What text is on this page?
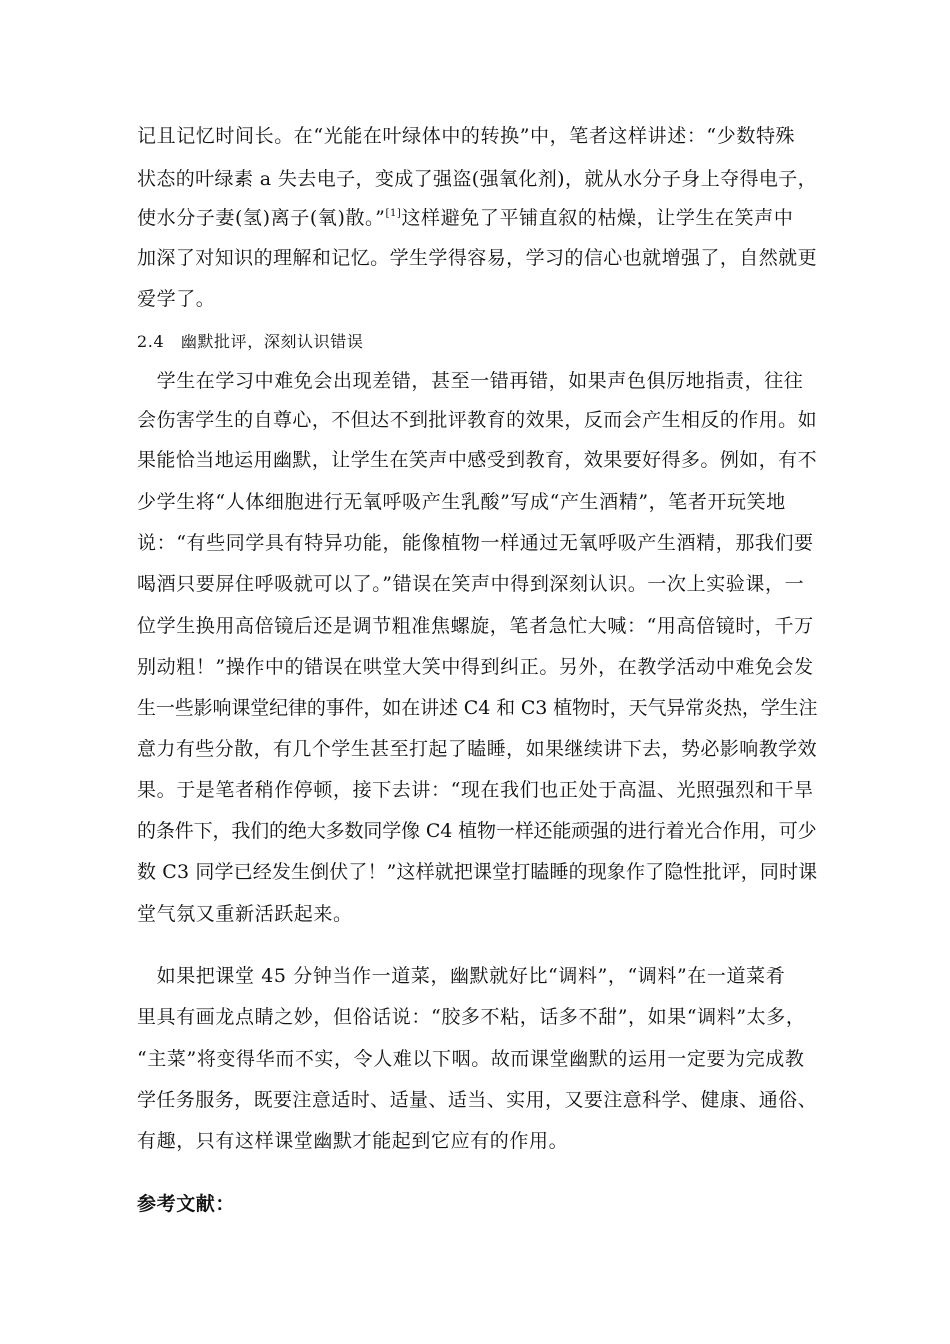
记且记忆时间长。在“光能在叶绿体中的转换”中，笔者这样讲述：“少数特殊
状态的叶绿素 a 失去电子，变成了强盗(强氧化剂)，就从水分子身上夺得电子，
使水分子妻(氢)离子(氧)散。”[1]这样避免了平铺直叙的枯燥，让学生在笑声中
加深了对知识的理解和记忆。学生学得容易，学习的信心也就增强了，自然就更
爱学了。
2.4　幽默批评，深刻认识错误
　学生在学习中难免会出现差错，甚至一错再错，如果声色俱厉地指责，往往
会伤害学生的自尊心，不但达不到批评教育的效果，反而会产生相反的作用。如
果能恰当地运用幽默，让学生在笑声中感受到教育，效果要好得多。例如，有不
少学生将“人体细胞进行无氧呼吸产生乳酸”写成“产生酒精”，笔者开玩笑地
说：“有些同学具有特异功能，能像植物一样通过无氧呼吸产生酒精，那我们要
喝酒只要屏住呼吸就可以了。”错误在笑声中得到深刻认识。一次上实验课，一
位学生换用高倍镜后还是调节粗准焦螺旋，笔者急忙大喊：“用高倍镜时，千万
别动粗！”操作中的错误在哄堂大笑中得到纠正。另外，在教学活动中难免会发
生一些影响课堂纪律的事件，如在讲述 C4 和 C3 植物时，天气异常炎热，学生注
意力有些分散，有几个学生甚至打起了瞌睡，如果继续讲下去，势必影响教学效
果。于是笔者稍作停顿，接下去讲：“现在我们也正处于高温、光照强烈和干旱
的条件下，我们的绝大多数同学像 C4 植物一样还能顽强的进行着光合作用，可少
数 C3 同学已经发生倒伏了！”这样就把课堂打瞌睡的现象作了隐性批评，同时课
堂气氛又重新活跃起来。
　如果把课堂 45 分钟当作一道菜，幽默就好比“调料”，“调料”在一道菜肴
里具有画龙点睛之妙，但俗话说：“胶多不粘，话多不甜”，如果“调料”太多，
“主菜”将变得华而不实，令人难以下咽。故而课堂幽默的运用一定要为完成教
学任务服务，既要注意适时、适量、适当、实用，又要注意科学、健康、通俗、
有趣，只有这样课堂幽默才能起到它应有的作用。
参考文献：
